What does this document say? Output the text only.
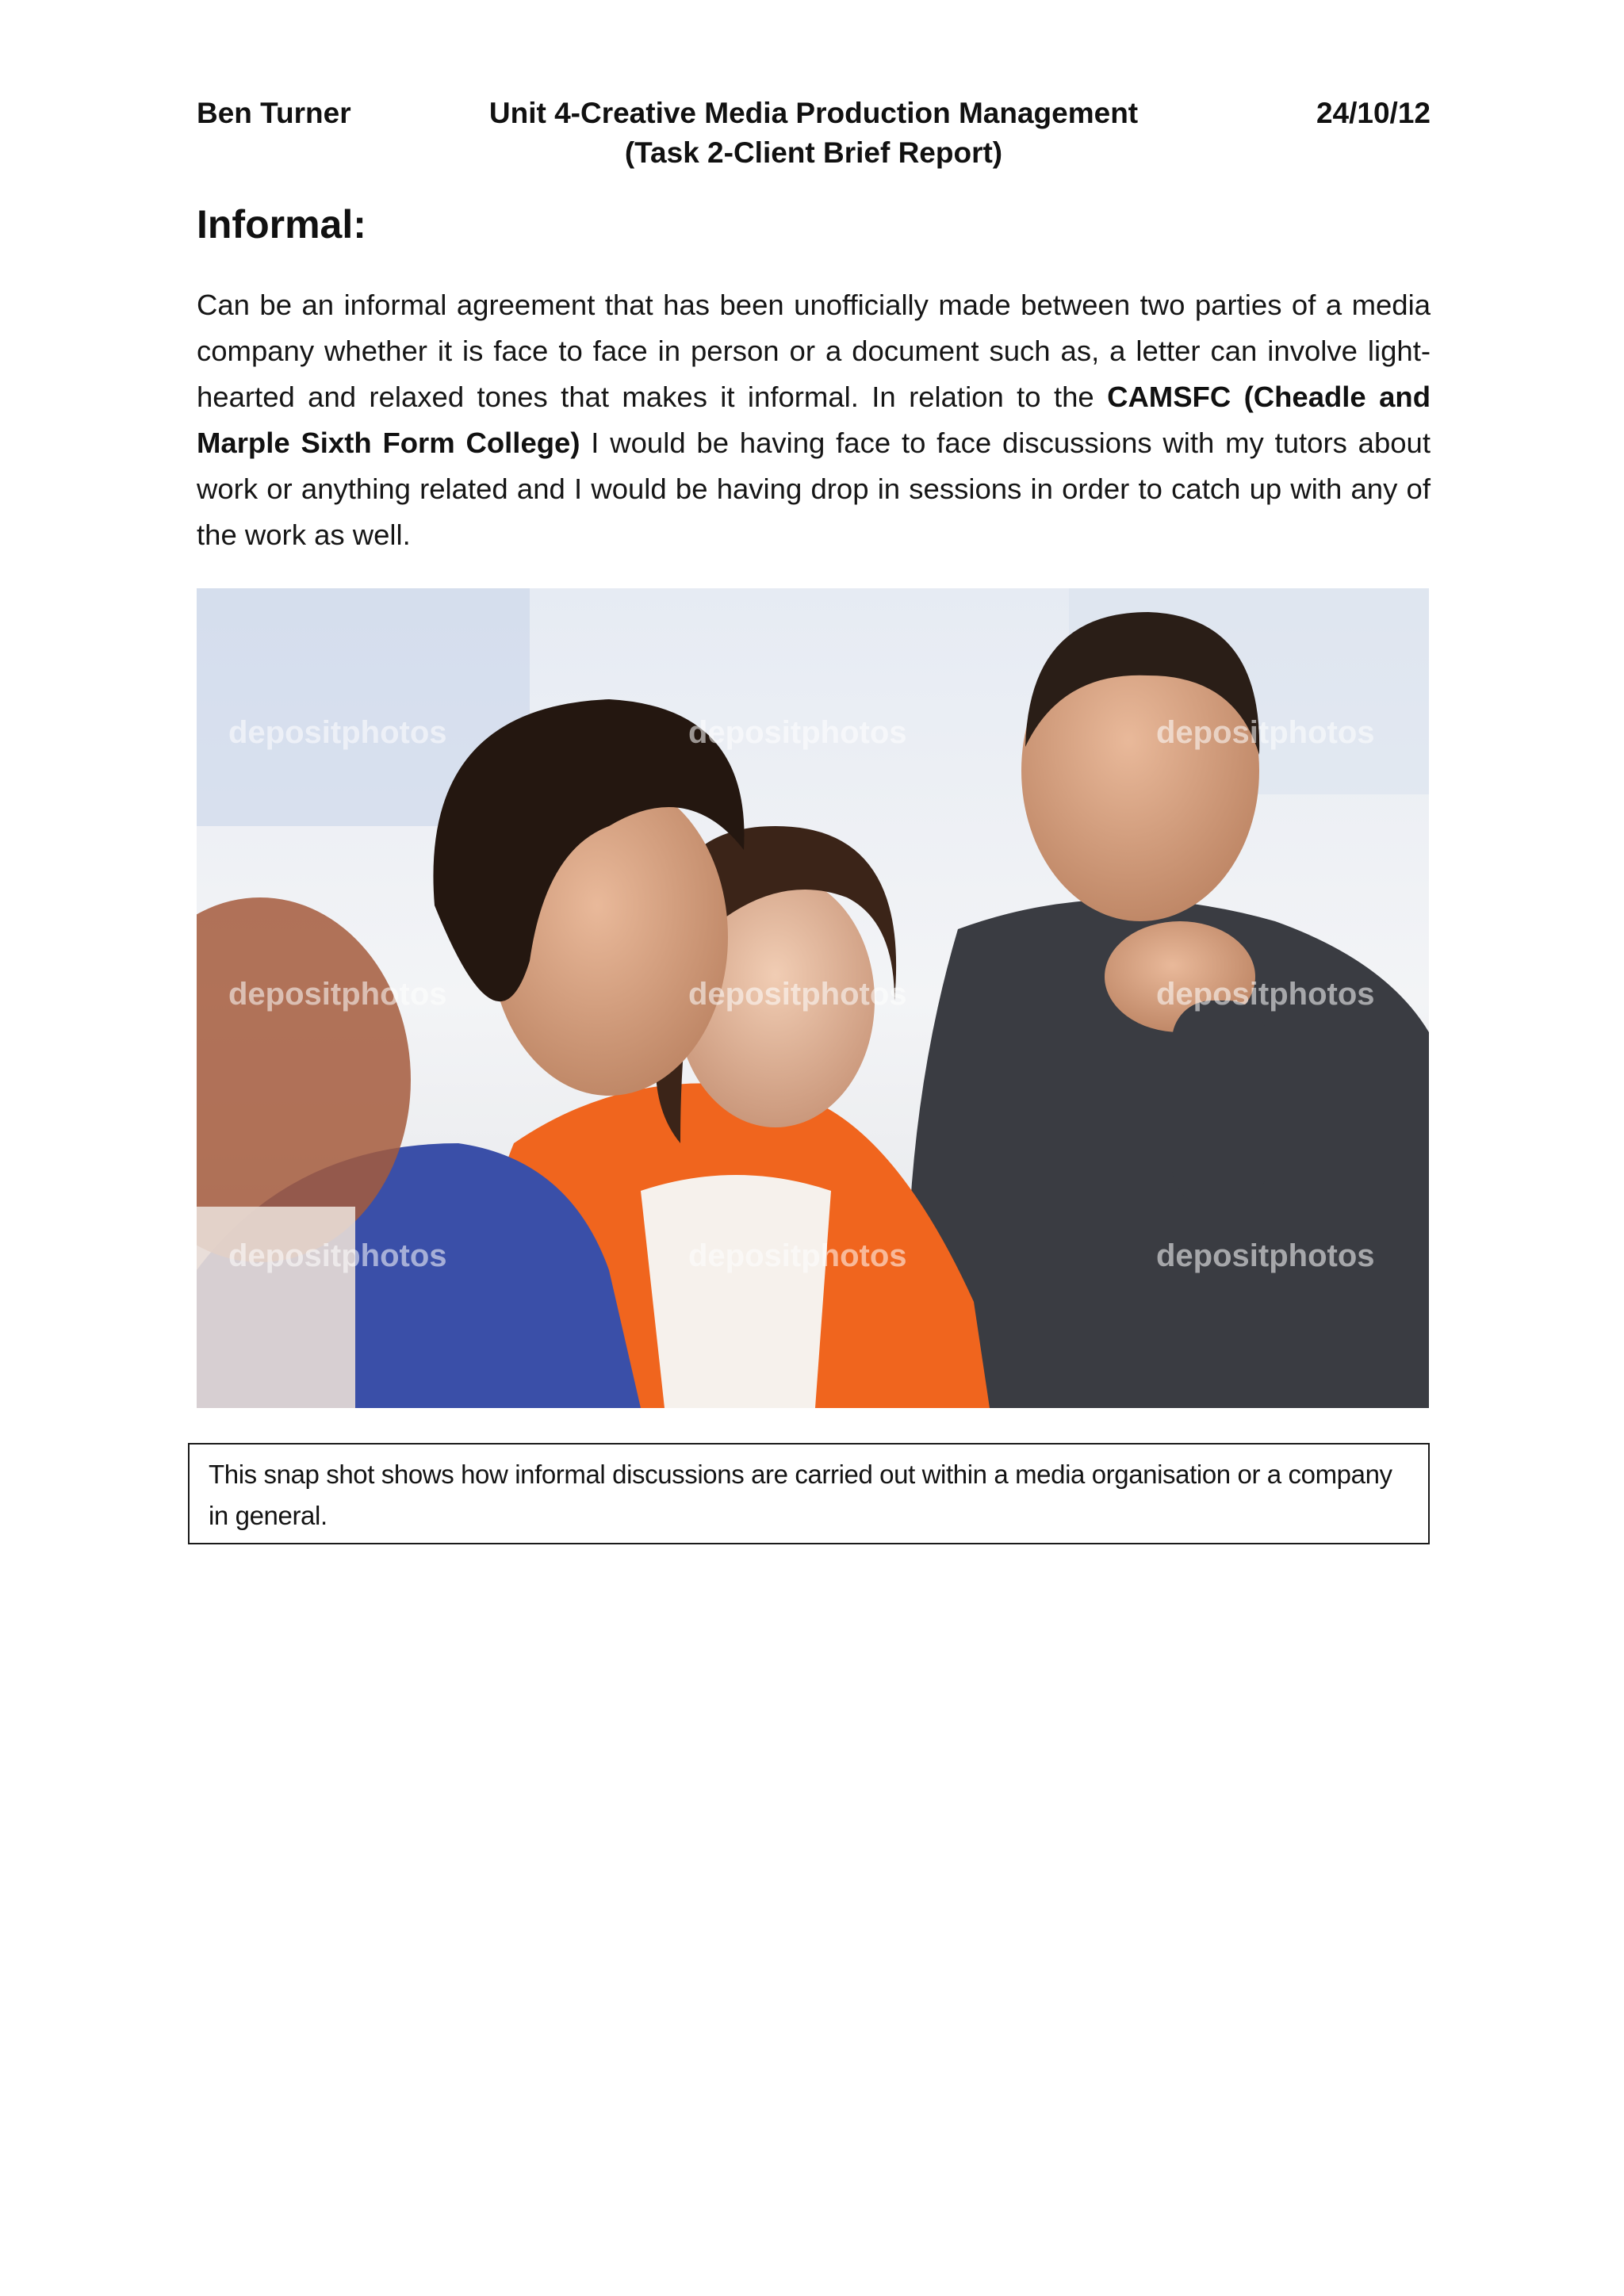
Ben Turner	Unit 4-Creative Media Production Management
(Task 2-Client Brief Report)
24/10/12
Informal:

Can be an informal agreement that has been unofficially made between two parties of a media company whether it is face to face in person or a document such as, a letter can involve light-hearted and relaxed tones that makes it informal. In relation to the CAMSFC (Cheadle and Marple Sixth Form College) I would be having face to face discussions with my tutors about work or anything related and I would be having drop in sessions in order to catch up with any of the work as well.

depositphotos	depositphotos	depositphotos
depositphotos	depositphotos	depositphotos
depositphotos	depositphotos	depositphotos
This snap shot shows how informal discussions are carried out within a media organisation or a company in general.
